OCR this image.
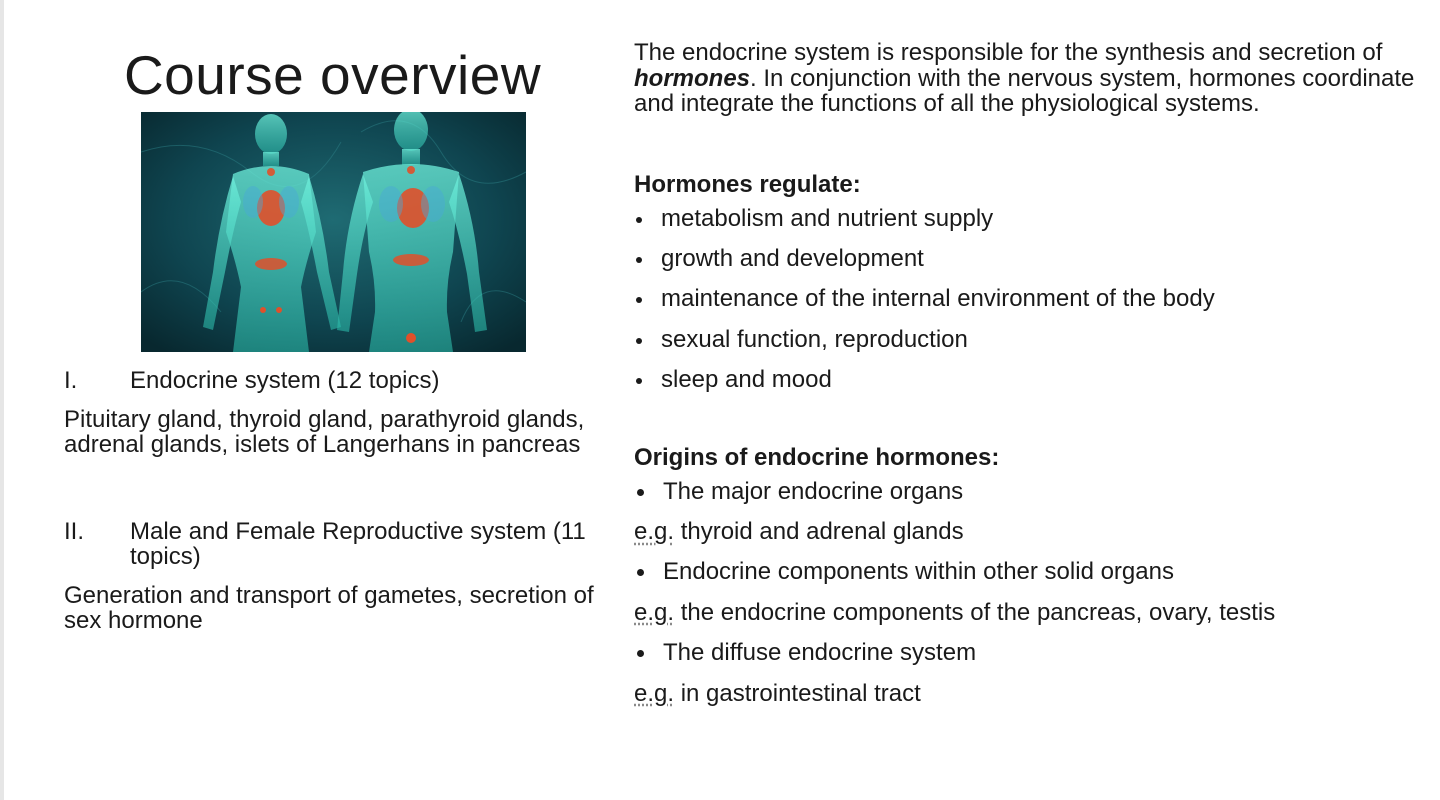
Course overview
I.	Endocrine system (12 topics)
Pituitary gland, thyroid gland, parathyroid glands, adrenal glands, islets of Langerhans in pancreas
II.	Male and Female Reproductive system (11 topics)
Generation and transport of gametes, secretion of sex hormone

The endocrine system is responsible for the synthesis and secretion of hormones. In conjunction with the nervous system, hormones coordinate and integrate the functions of all the physiological systems.

Hormones regulate:
metabolism and nutrient supply
growth and development
maintenance of the internal environment of the body
sexual function, reproduction
sleep and mood
Origins of endocrine hormones:
The major endocrine organs
e.g. thyroid and adrenal glands
Endocrine components within other solid organs
e.g. the endocrine components of the pancreas, ovary, testis
The diffuse endocrine system
e.g. in gastrointestinal tract
